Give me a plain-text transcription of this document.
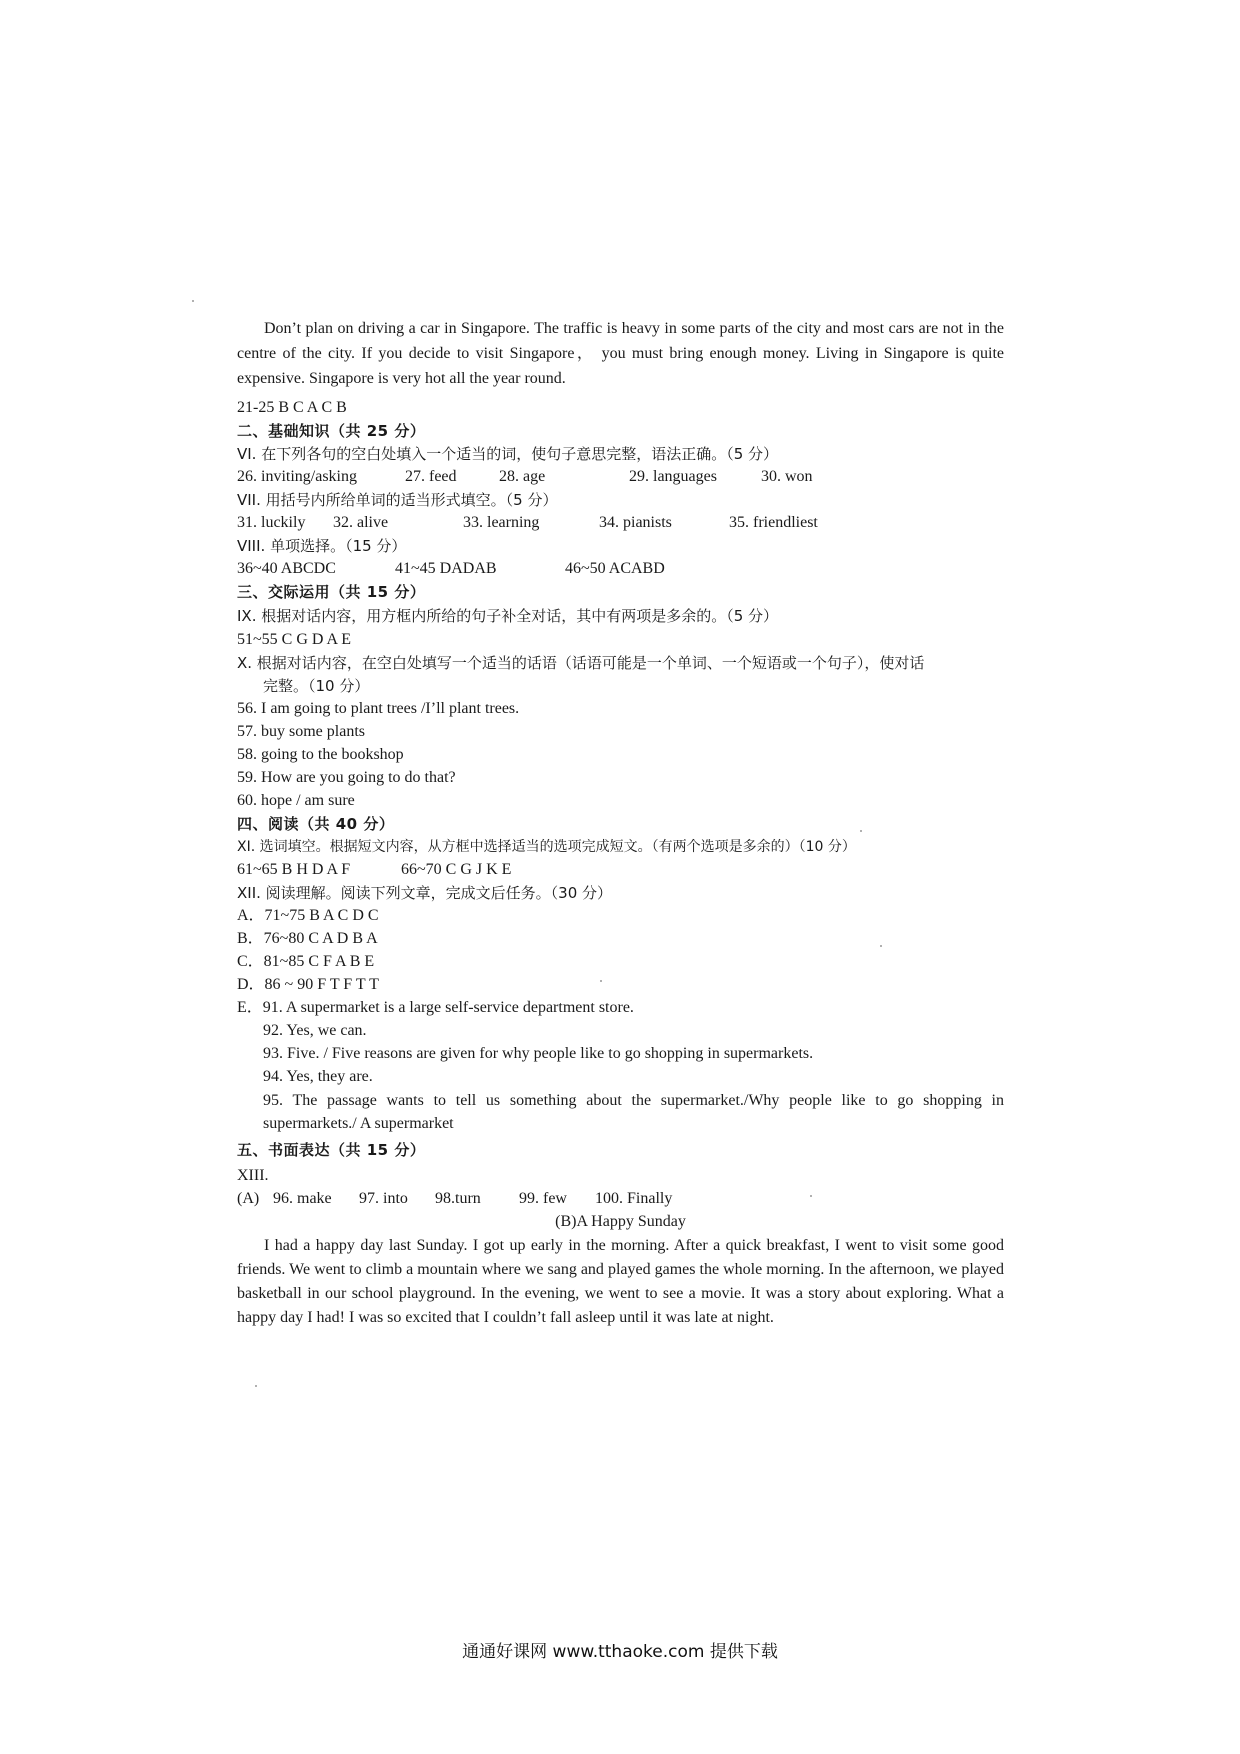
Don’t plan on driving a car in Singapore. The traffic is heavy in some parts of the city and most cars are not in the centre of the city. If you decide to visit Singapore， you must bring enough money. Living in Singapore is quite expensive. Singapore is very hot all the year round.

21-25 B C A C B
二、基础知识（共 25 分）
VI. 在下列各句的空白处填入一个适当的词，使句子意思完整，语法正确。（5 分）
26. inviting/asking	27. feed	28. age	29. languages	30. won
VII. 用括号内所给单词的适当形式填空。（5 分）
31. luckily 32. alive	33. learning	34. pianists	35. friendliest
VIII. 单项选择。（15 分）
36~40 ABCDC	41~45 DADAB	46~50 ACABD
三、交际运用（共 15 分）
IX. 根据对话内容，用方框内所给的句子补全对话，其中有两项是多余的。（5 分）
51~55 C G D A E
X. 根据对话内容，在空白处填写一个适当的话语（话语可能是一个单词、一个短语或一个句子），使对话
完整。（10 分）
56. I am going to plant trees /I’ll plant trees.
57. buy some plants
58. going to the bookshop
59. How are you going to do that?
60. hope / am sure
四、阅读（共 40 分）
XI. 选词填空。根据短文内容，从方框中选择适当的选项完成短文。（有两个选项是多余的）（10 分）
61~65 B H D A F	66~70 C G J K E
XII. 阅读理解。阅读下列文章，完成文后任务。（30 分）
A．71~75 B A C D C
B．76~80 C A D B A
C．81~85 C F A B E
D．86 ~ 90 F T F T T
E．91. A supermarket is a large self-service department store.
92. Yes, we can.
93. Five. / Five reasons are given for why people like to go shopping in supermarkets.
94. Yes, they are.
95. The passage wants to tell us something about the supermarket./Why people like to go shopping in supermarkets./ A supermarket
五、书面表达（共 15 分）
XIII.
(A) 96. make 97. into 98.turn 99. few 100. Finally
(B)A Happy Sunday

I had a happy day last Sunday. I got up early in the morning. After a quick breakfast, I went to visit some good friends. We went to climb a mountain where we sang and played games the whole morning. In the afternoon, we played basketball in our school playground. In the evening, we went to see a movie. It was a story about exploring. What a happy day I had! I was so excited that I couldn’t fall asleep until it was late at night.

通通好课网 www.tthaoke.com 提供下载
